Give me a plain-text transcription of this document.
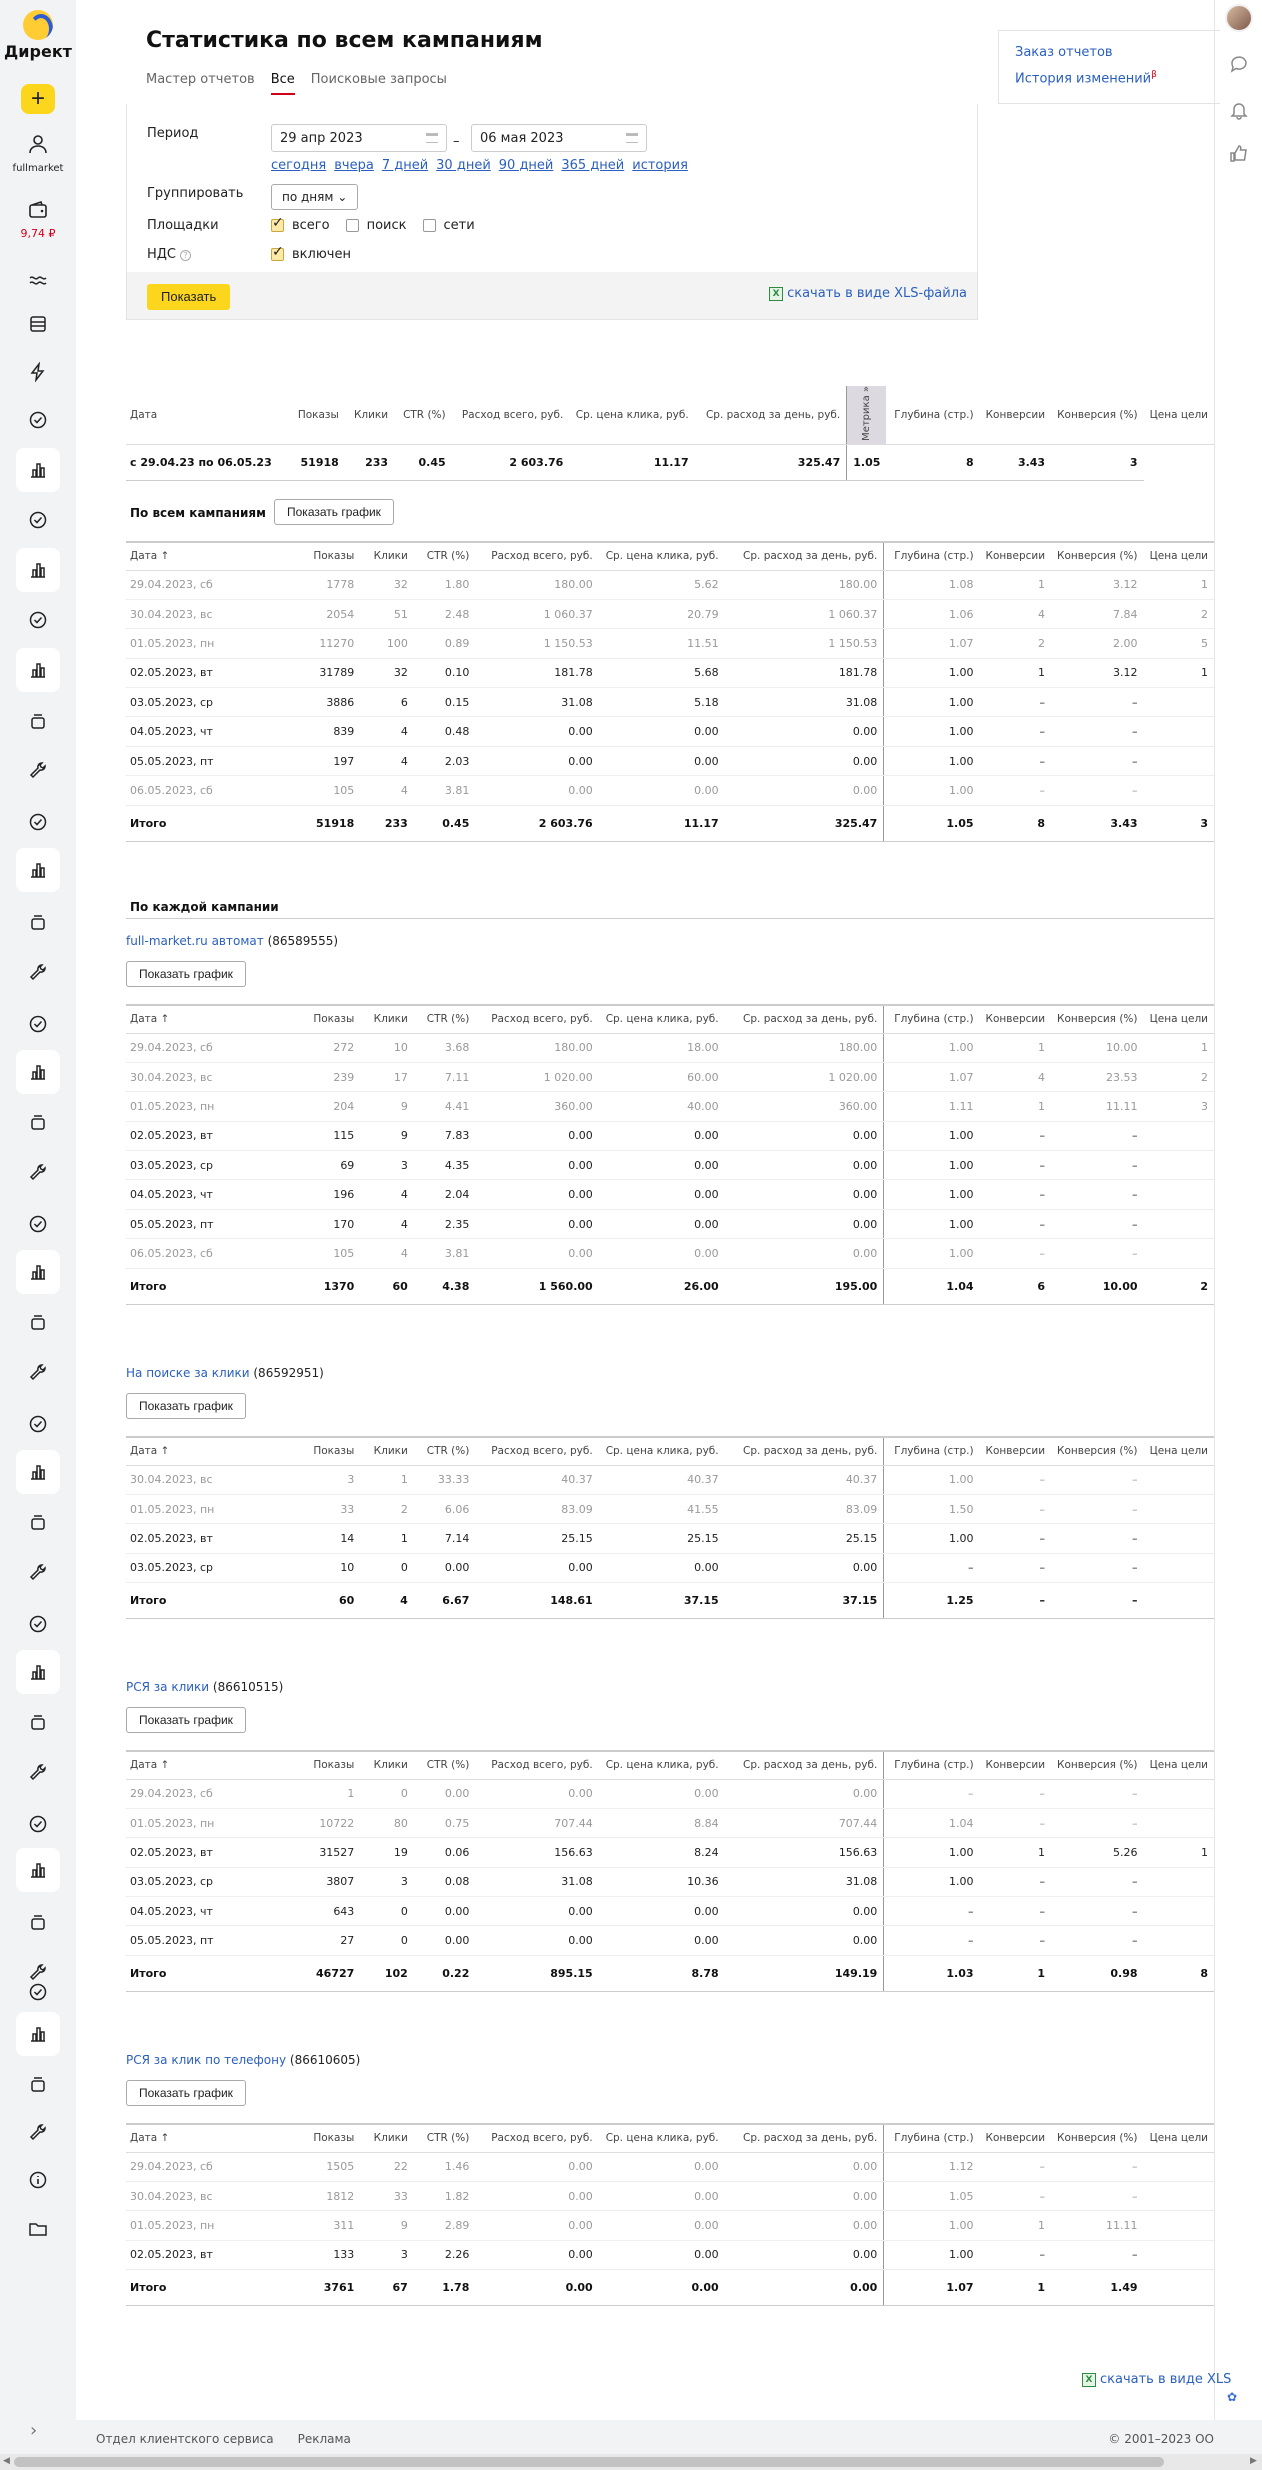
Директ
+
fullmarket
9,74 ₽
›
✿
Статистика по всем кампаниям
Мастер отчетов Все Поисковые запросы
Заказ отчетов
История изменений$^\beta$
Период	29 апр 2023	–	06 мая 2023
сегодня вчера 7 дней 30 дней 90 дней 365 дней история
Группировать	по дням ⌄
Площадки ✓	всего	поиск	сети
НДС ? ✓	включен
Показать	X скачать в виде XLS-файла
Дата	Показы	Клики	CTR (%)	Расход всего, руб.	Ср. цена клика, руб.	Ср. расход за день, руб.	Метрика »	Глубина (стр.)	Конверсии	Конверсия (%)	Цена цели
с 29.04.23 по 06.05.23	51918	233	0.45	2 603.76	11.17	325.47	1.05	8	3.43	3	
По всем кампаниям	Показать график
Дата ↑	Показы	Клики	CTR (%)	Расход всего, руб.	Ср. цена клика, руб.	Ср. расход за день, руб.	Глубина (стр.)	Конверсии	Конверсия (%)	Цена цели
29.04.2023, сб	1778	32	1.80	180.00	5.62	180.00	1.08	1	3.12	1
30.04.2023, вс	2054	51	2.48	1 060.37	20.79	1 060.37	1.06	4	7.84	2
01.05.2023, пн	11270	100	0.89	1 150.53	11.51	1 150.53	1.07	2	2.00	5
02.05.2023, вт	31789	32	0.10	181.78	5.68	181.78	1.00	1	3.12	1
03.05.2023, ср	3886	6	0.15	31.08	5.18	31.08	1.00	–	–	
04.05.2023, чт	839	4	0.48	0.00	0.00	0.00	1.00	–	–	
05.05.2023, пт	197	4	2.03	0.00	0.00	0.00	1.00	–	–	
06.05.2023, сб	105	4	3.81	0.00	0.00	0.00	1.00	–	–	
Итого	51918	233	0.45	2 603.76	11.17	325.47	1.05	8	3.43	3
По каждой кампании
full-market.ru автомат (86589555)
Показать график
Дата ↑	Показы	Клики	CTR (%)	Расход всего, руб.	Ср. цена клика, руб.	Ср. расход за день, руб.	Глубина (стр.)	Конверсии	Конверсия (%)	Цена цели
29.04.2023, сб	272	10	3.68	180.00	18.00	180.00	1.00	1	10.00	1
30.04.2023, вс	239	17	7.11	1 020.00	60.00	1 020.00	1.07	4	23.53	2
01.05.2023, пн	204	9	4.41	360.00	40.00	360.00	1.11	1	11.11	3
02.05.2023, вт	115	9	7.83	0.00	0.00	0.00	1.00	–	–	
03.05.2023, ср	69	3	4.35	0.00	0.00	0.00	1.00	–	–	
04.05.2023, чт	196	4	2.04	0.00	0.00	0.00	1.00	–	–	
05.05.2023, пт	170	4	2.35	0.00	0.00	0.00	1.00	–	–	
06.05.2023, сб	105	4	3.81	0.00	0.00	0.00	1.00	–	–	
Итого	1370	60	4.38	1 560.00	26.00	195.00	1.04	6	10.00	2
На поиске за клики (86592951)
Показать график
Дата ↑	Показы	Клики	CTR (%)	Расход всего, руб.	Ср. цена клика, руб.	Ср. расход за день, руб.	Глубина (стр.)	Конверсии	Конверсия (%)	Цена цели
30.04.2023, вс	3	1	33.33	40.37	40.37	40.37	1.00	–	–	
01.05.2023, пн	33	2	6.06	83.09	41.55	83.09	1.50	–	–	
02.05.2023, вт	14	1	7.14	25.15	25.15	25.15	1.00	–	–	
03.05.2023, ср	10	0	0.00	0.00	0.00	0.00	–	–	–	
Итого	60	4	6.67	148.61	37.15	37.15	1.25	–	–	
РСЯ за клики (86610515)
Показать график
Дата ↑	Показы	Клики	CTR (%)	Расход всего, руб.	Ср. цена клика, руб.	Ср. расход за день, руб.	Глубина (стр.)	Конверсии	Конверсия (%)	Цена цели
29.04.2023, сб	1	0	0.00	0.00	0.00	0.00	–	–	–	
01.05.2023, пн	10722	80	0.75	707.44	8.84	707.44	1.04	–	–	
02.05.2023, вт	31527	19	0.06	156.63	8.24	156.63	1.00	1	5.26	1
03.05.2023, ср	3807	3	0.08	31.08	10.36	31.08	1.00	–	–	
04.05.2023, чт	643	0	0.00	0.00	0.00	0.00	–	–	–	
05.05.2023, пт	27	0	0.00	0.00	0.00	0.00	–	–	–	
Итого	46727	102	0.22	895.15	8.78	149.19	1.03	1	0.98	8
РСЯ за клик по телефону (86610605)
Показать график
Дата ↑	Показы	Клики	CTR (%)	Расход всего, руб.	Ср. цена клика, руб.	Ср. расход за день, руб.	Глубина (стр.)	Конверсии	Конверсия (%)	Цена цели
29.04.2023, сб	1505	22	1.46	0.00	0.00	0.00	1.12	–	–	
30.04.2023, вс	1812	33	1.82	0.00	0.00	0.00	1.05	–	–	
01.05.2023, пн	311	9	2.89	0.00	0.00	0.00	1.00	1	11.11	
02.05.2023, вт	133	3	2.26	0.00	0.00	0.00	1.00	–	–	
Итого	3761	67	1.78	0.00	0.00	0.00	1.07	1	1.49	
X скачать в виде XLS
Отдел клиентского сервиса Реклама	© 2001–2023 ОО
◀	▶
